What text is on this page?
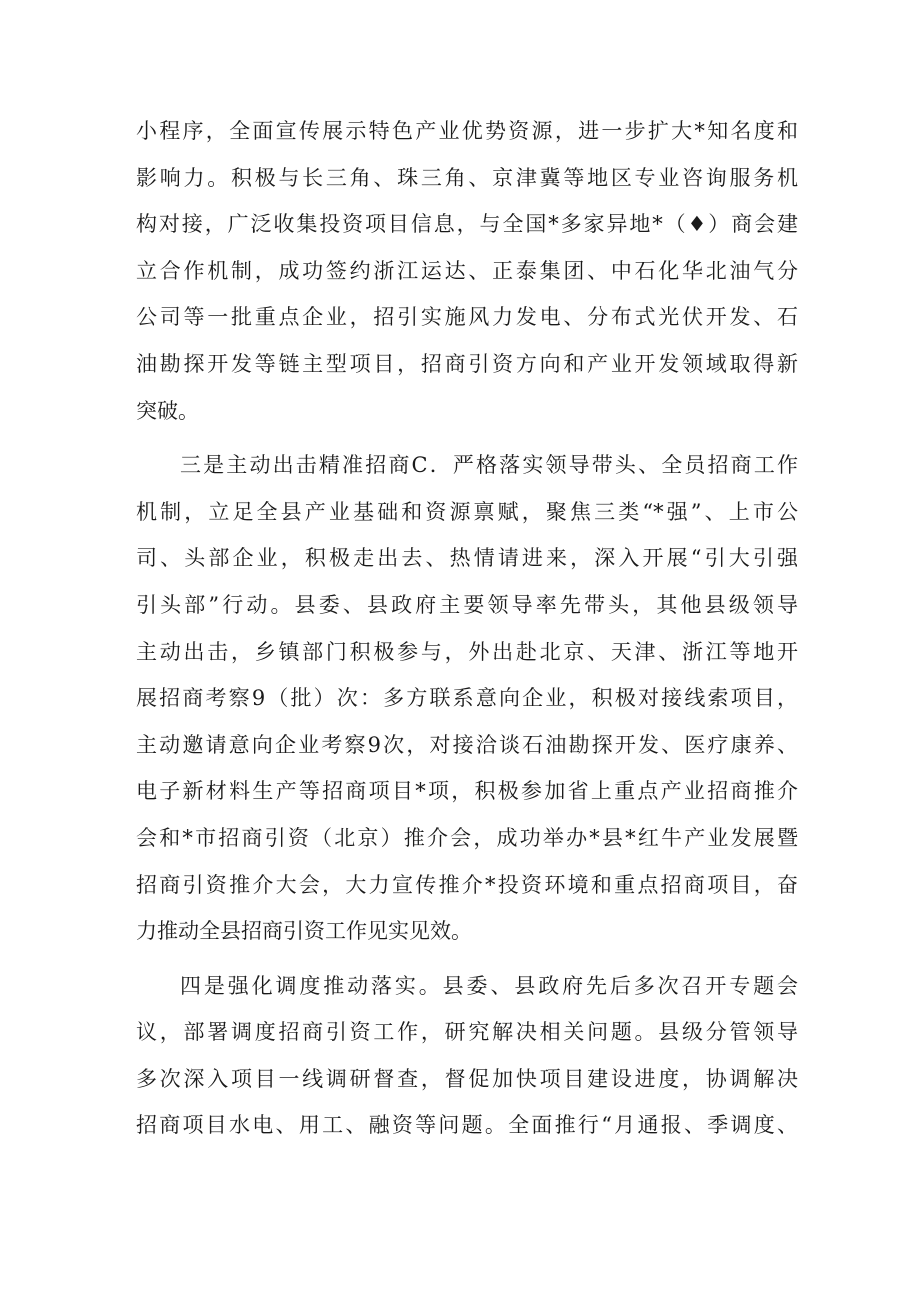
小程序，全面宣传展示特色产业优势资源，进一步扩大*知名度和
影响力。积极与长三角、珠三角、京津冀等地区专业咨询服务机
构对接，广泛收集投资项目信息，与全国*多家异地*（♦）商会建
立合作机制，成功签约浙江运达、正泰集团、中石化华北油气分
公司等一批重点企业，招引实施风力发电、分布式光伏开发、石
油勘探开发等链主型项目，招商引资方向和产业开发领域取得新
突破。
三是主动出击精准招商C．严格落实领导带头、全员招商工作
机制，立足全县产业基础和资源禀赋，聚焦三类“*强”、上市公
司、头部企业，积极走出去、热情请进来，深入开展“引大引强
引头部”行动。县委、县政府主要领导率先带头，其他县级领导
主动出击，乡镇部门积极参与，外出赴北京、天津、浙江等地开
展招商考察9（批）次：多方联系意向企业，积极对接线索项目，
主动邀请意向企业考察9次，对接洽谈石油勘探开发、医疗康养、
电子新材料生产等招商项目*项，积极参加省上重点产业招商推介
会和*市招商引资（北京）推介会，成功举办*县*红牛产业发展暨
招商引资推介大会，大力宣传推介*投资环境和重点招商项目，奋
力推动全县招商引资工作见实见效。
四是强化调度推动落实。县委、县政府先后多次召开专题会
议，部署调度招商引资工作，研究解决相关问题。县级分管领导
多次深入项目一线调研督查，督促加快项目建设进度，协调解决
招商项目水电、用工、融资等问题。全面推行“月通报、季调度、
